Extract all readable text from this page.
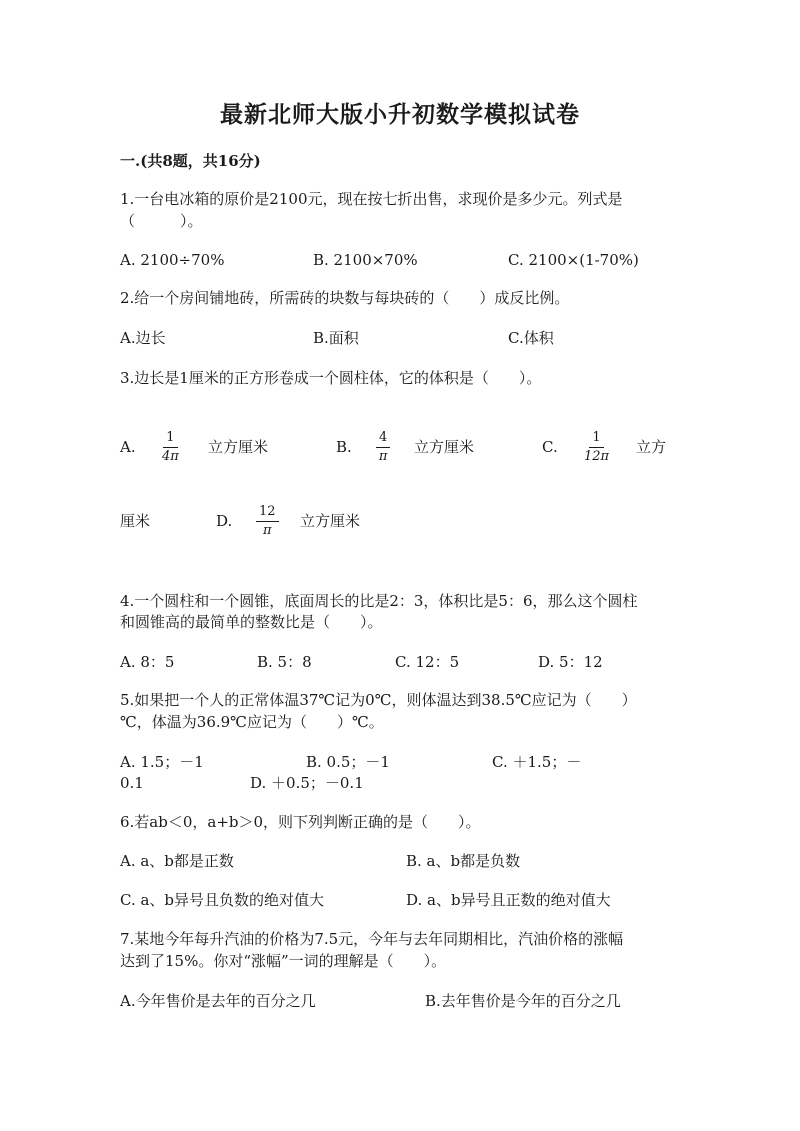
最新北师大版小升初数学模拟试卷
一.(共8题，共16分)
1.一台电冰箱的原价是2100元，现在按七折出售，求现价是多少元。列式是
（　　　）。
A. 2100÷70%	B. 2100×70%	C. 2100×(1-70%)
2.给一个房间铺地砖，所需砖的块数与每块砖的（　　）成反比例。
A.边长	B.面积	C.体积
3.边长是1厘米的正方形卷成一个圆柱体，它的体积是（　　）。
A. $\frac{1}{4\pi}$ 立方厘米	B. $\frac{4}{\pi}$ 立方厘米	C. $\frac{1}{12\pi}$ 立方
厘米	D. $\frac{12}{\pi}$ 立方厘米
4.一个圆柱和一个圆锥，底面周长的比是2：3，体积比是5：6，那么这个圆柱
和圆锥高的最简单的整数比是（　　）。
A. 8：5	B. 5：8	C. 12：5	D. 5：12
5.如果把一个人的正常体温37℃记为0℃，则体温达到38.5℃应记为（　　）
℃，体温为36.9℃应记为（　　）℃。
A. 1.5；－1	B. 0.5；－1	C. ＋1.5；－
0.1	D. ＋0.5；－0.1
6.若ab＜0，a+b＞0，则下列判断正确的是（　　）。
A. a、b都是正数	B. a、b都是负数
C. a、b异号且负数的绝对值大	D. a、b异号且正数的绝对值大
7.某地今年每升汽油的价格为7.5元，今年与去年同期相比，汽油价格的涨幅
达到了15%。你对“涨幅”一词的理解是（　　）。
A.今年售价是去年的百分之几	B.去年售价是今年的百分之几
